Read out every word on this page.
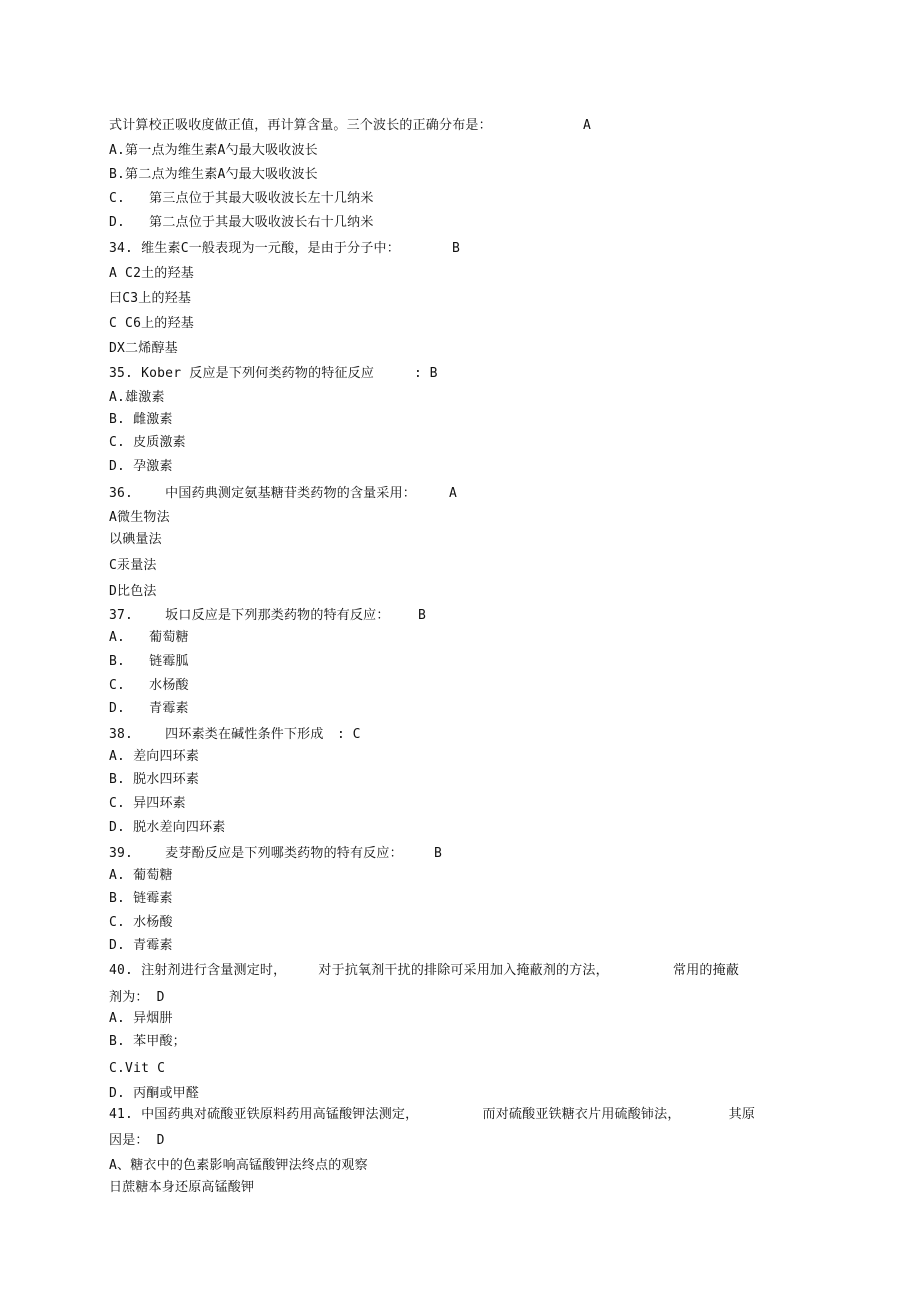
式计算校正吸收度做正值，再计算含量。三个波长的正确分布是：	A
A.第一点为维生素A勺最大吸收波长
B.第二点为维生素A勺最大吸收波长
C.   第三点位于其最大吸收波长左十几纳米
D.   第二点位于其最大吸收波长右十几纳米
34. 维生素C一般表现为一元酸，是由于分子中：	B
A C2土的羟基
曰C3上的羟基
C C6上的羟基
DX二烯醇基
35. Kober 反应是下列何类药物的特征反应	: B
A.雄激素
B. 雌激素
C. 皮质激素
D. 孕激素
36.    中国药典测定氨基糖苷类药物的含量采用：	A
A微生物法
以碘量法
C汞量法
D比色法
37.    坂口反应是下列那类药物的特有反应： B
A.   葡萄糖
B.   链霉胍
C.   水杨酸
D.   青霉素
38.    四环素类在碱性条件下形成 : C
A. 差向四环素
B. 脱水四环素
C. 异四环素
D. 脱水差向四环素
39.    麦芽酚反应是下列哪类药物的特有反应： B
A. 葡萄糖
B. 链霉素
C. 水杨酸
D. 青霉素
40. 注射剂进行含量测定时，    对于抗氧剂干扰的排除可采用加入掩蔽剂的方法，        常用的掩蔽
剂为： D
A. 异烟肼
B. 苯甲酸；
C.Vit C
D. 丙酮或甲醛
41. 中国药典对硫酸亚铁原料药用高锰酸钾法测定，        而对硫酸亚铁糖衣片用硫酸铈法，      其原
因是： D
A、糖衣中的色素影响高锰酸钾法终点的观察
日蔗糖本身还原高锰酸钾
